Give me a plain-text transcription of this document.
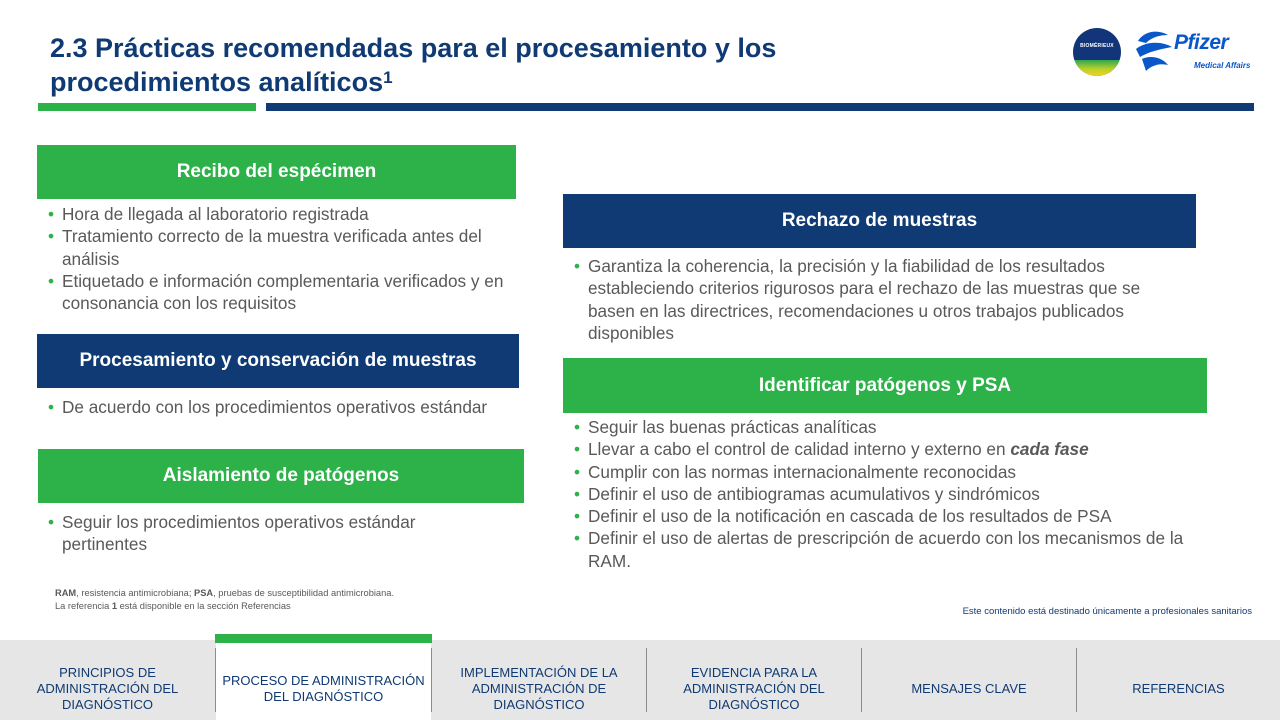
2.3 Prácticas recomendadas para el procesamiento y los
procedimientos analíticos$^1$
BIOMÉRIEUX	Pfizer
Medical Affairs
Recibo del espécimen
• Hora de llegada al laboratorio registrada
• Tratamiento correcto de la muestra verificada antes del análisis
• Etiquetado e información complementaria verificados y en consonancia con los requisitos
Procesamiento y conservación de muestras
• De acuerdo con los procedimientos operativos estándar
Aislamiento de patógenos
• Seguir los procedimientos operativos estándar pertinentes
Rechazo de muestras
• Garantiza la coherencia, la precisión y la fiabilidad de los resultados estableciendo criterios rigurosos para el rechazo de las muestras que se basen en las directrices, recomendaciones u otros trabajos publicados disponibles
Identificar patógenos y PSA
• Seguir las buenas prácticas analíticas
• Llevar a cabo el control de calidad interno y externo en cada fase
• Cumplir con las normas internacionalmente reconocidas
• Definir el uso de antibiogramas acumulativos y sindrómicos
• Definir el uso de la notificación en cascada de los resultados de PSA
• Definir el uso de alertas de prescripción de acuerdo con los mecanismos de la RAM.
RAM, resistencia antimicrobiana; PSA, pruebas de susceptibilidad antimicrobiana.
La referencia 1 está disponible en la sección Referencias	Este contenido está destinado únicamente a profesionales sanitarios
PRINCIPIOS DE ADMINISTRACIÓN DEL DIAGNÓSTICO
PROCESO DE ADMINISTRACIÓN DEL DIAGNÓSTICO
IMPLEMENTACIÓN DE LA ADMINISTRACIÓN DE DIAGNÓSTICO
EVIDENCIA PARA LA ADMINISTRACIÓN DEL DIAGNÓSTICO
MENSAJES CLAVE	REFERENCIAS
